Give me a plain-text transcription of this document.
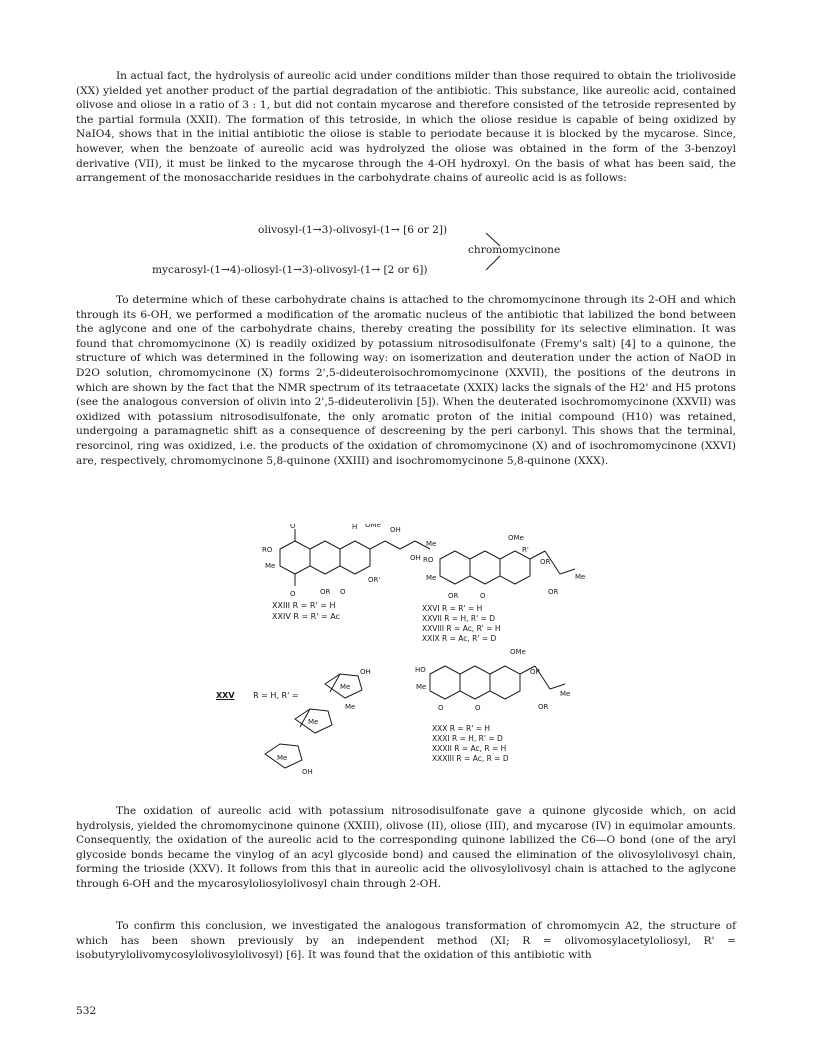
In actual fact, the hydrolysis of aureolic acid under conditions milder than those required to obtain the triolivoside (XX) yielded yet another product of the partial degradation of the antibiotic. This substance, like aureolic acid, contained olivose and oliose in a ratio of 3 : 1, but did not contain mycarose and therefore consisted of the tetroside represented by the partial formula (XXII). The formation of this tetroside, in which the oliose residue is capable of being oxidized by NaIO4, shows that in the initial antibiotic the oliose is stable to periodate because it is blocked by the mycarose. Since, however, when the benzoate of aureolic acid was hydrolyzed the oliose was obtained in the form of the 3-benzoyl derivative (VII), it must be linked to the mycarose through the 4-OH hydroxyl. On the basis of what has been said, the arrangement of the monosaccharide residues in the carbohydrate chains of aureolic acid is as follows:
olivosyl-(1→3)-olivosyl-(1→ [6 or 2])
chromomycinone
mycarosyl-(1→4)-oliosyl-(1→3)-olivosyl-(1→ [2 or 6])
To determine which of these carbohydrate chains is attached to the chromomycinone through its 2-OH and which through its 6-OH, we performed a modification of the aromatic nucleus of the antibiotic that labilized the bond between the aglycone and one of the carbohydrate chains, thereby creating the possibility for its selective elimination. It was found that chromomycinone (X) is readily oxidized by potassium nitrosodisulfonate (Fremy's salt) [4] to a quinone, the structure of which was determined in the following way: on isomerization and deuteration under the action of NaOD in D2O solution, chromomycinone (X) forms 2',5-dideuteroisochromomycinone (XXVII), the positions of the deutrons in which are shown by the fact that the NMR spectrum of its tetraacetate (XXIX) lacks the signals of the H2' and H5 protons (see the analogous conversion of olivin into 2',5-dideuterolivin [5]). When the deuterated isochromomycinone (XXVII) was oxidized with potassium nitrosodisulfonate, the only aromatic proton of the initial compound (H10) was retained, undergoing a paramagnetic shift as a consequence of descreening by the peri carbonyl. This shows that the terminal, resorcinol, ring was oxidized, i.e. the products of the oxidation of chromomycinone (X) and of isochromomycinone (XXVI) are, respectively, chromomycinone 5,8-quinone (XXIII) and isochromomycinone 5,8-quinone (XXX).
RO
Me
O
O	OR O
H OMe
OH
Me
OH
OR'
RO
Me
OR	O
OMe
R'
OR
Me
OR
HO
Me
O	O
OMe
OR
Me
OR
Me
Me
Me
OH
Me
OH
XXIII R = R' = H
XXIV R = R' = Ac
XXVI R = R' = H
XXVII R = H, R' = D
XXVIII R = Ac, R' = H
XXIX R = Ac, R' = D
XXV R = H, R' =
XXX R = R' = H
XXXI R = H, R' = D
XXXII R = Ac, R = H
XXXIII R = Ac, R = D
The oxidation of aureolic acid with potassium nitrosodisulfonate gave a quinone glycoside which, on acid hydrolysis, yielded the chromomycinone quinone (XXIII), olivose (II), oliose (III), and mycarose (IV) in equimolar amounts. Consequently, the oxidation of the aureolic acid to the corresponding quinone labilized the C6—O bond (one of the aryl glycoside bonds became the vinylog of an acyl glycoside bond) and caused the elimination of the olivosylolivosyl chain, forming the trioside (XXV). It follows from this that in aureolic acid the olivosylolivosyl chain is attached to the aglycone through 6-OH and the mycarosyloliosylolivosyl chain through 2-OH.
To confirm this conclusion, we investigated the analogous transformation of chromomycin A2, the structure of which has been shown previously by an independent method (XI; R = olivomosylacetyloliosyl, R' = isobutyrylolivomycosylolivosylolivosyl) [6]. It was found that the oxidation of this antibiotic with
532
